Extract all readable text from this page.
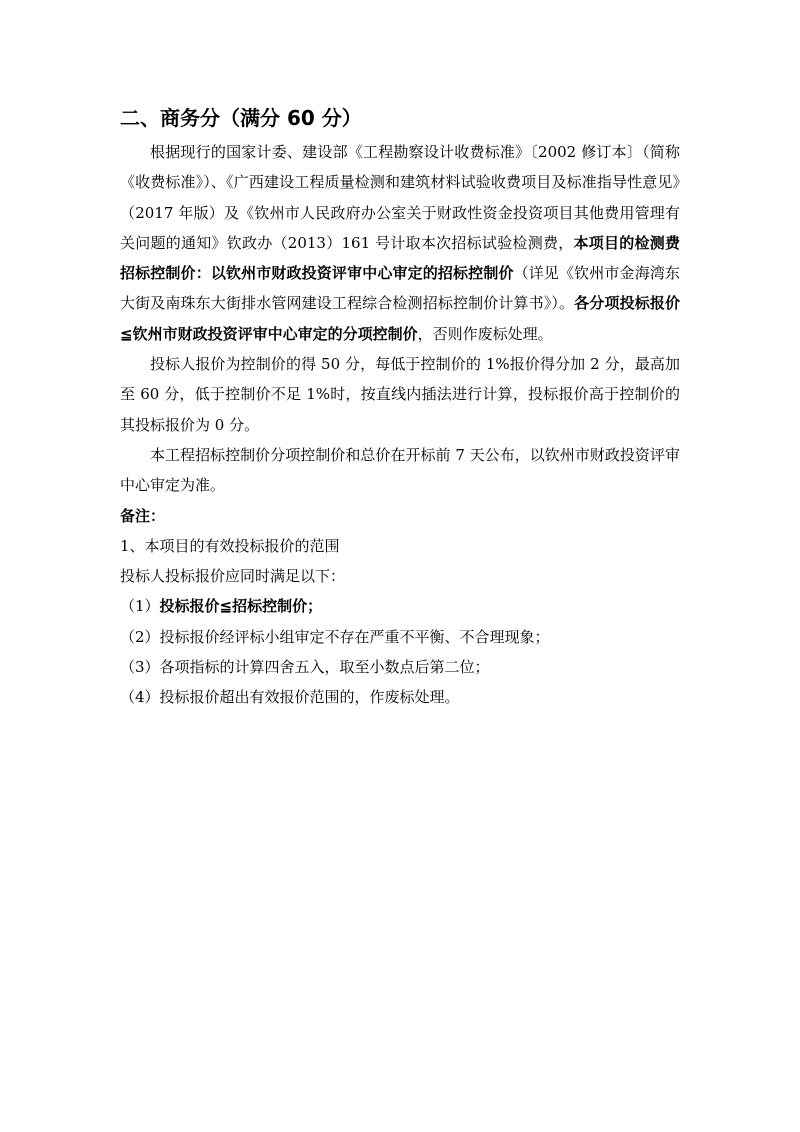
二、商务分（满分 60 分）

根据现行的国家计委、建设部《工程勘察设计收费标准》〔2002 修订本〕（简称《收费标准》）、《广西建设工程质量检测和建筑材料试验收费项目及标准指导性意见》（2017 年版）及《钦州市人民政府办公室关于财政性资金投资项目其他费用管理有关问题的通知》钦政办（2013）161 号计取本次招标试验检测费，本项目的检测费招标控制价：以钦州市财政投资评审中心审定的招标控制价（详见《钦州市金海湾东大街及南珠东大街排水管网建设工程综合检测招标控制价计算书》）。各分项投标报价≦钦州市财政投资评审中心审定的分项控制价，否则作废标处理。

投标人报价为控制价的得 50 分，每低于控制价的 1%报价得分加 2 分，最高加至 60 分，低于控制价不足 1%时，按直线内插法进行计算，投标报价高于控制价的其投标报价为 0 分。

本工程招标控制价分项控制价和总价在开标前 7 天公布，以钦州市财政投资评审中心审定为准。

备注：

1、本项目的有效投标报价的范围

投标人投标报价应同时满足以下：

（1）投标报价≦招标控制价；

（2）投标报价经评标小组审定不存在严重不平衡、不合理现象；

（3）各项指标的计算四舍五入，取至小数点后第二位；

（4）投标报价超出有效报价范围的，作废标处理。
